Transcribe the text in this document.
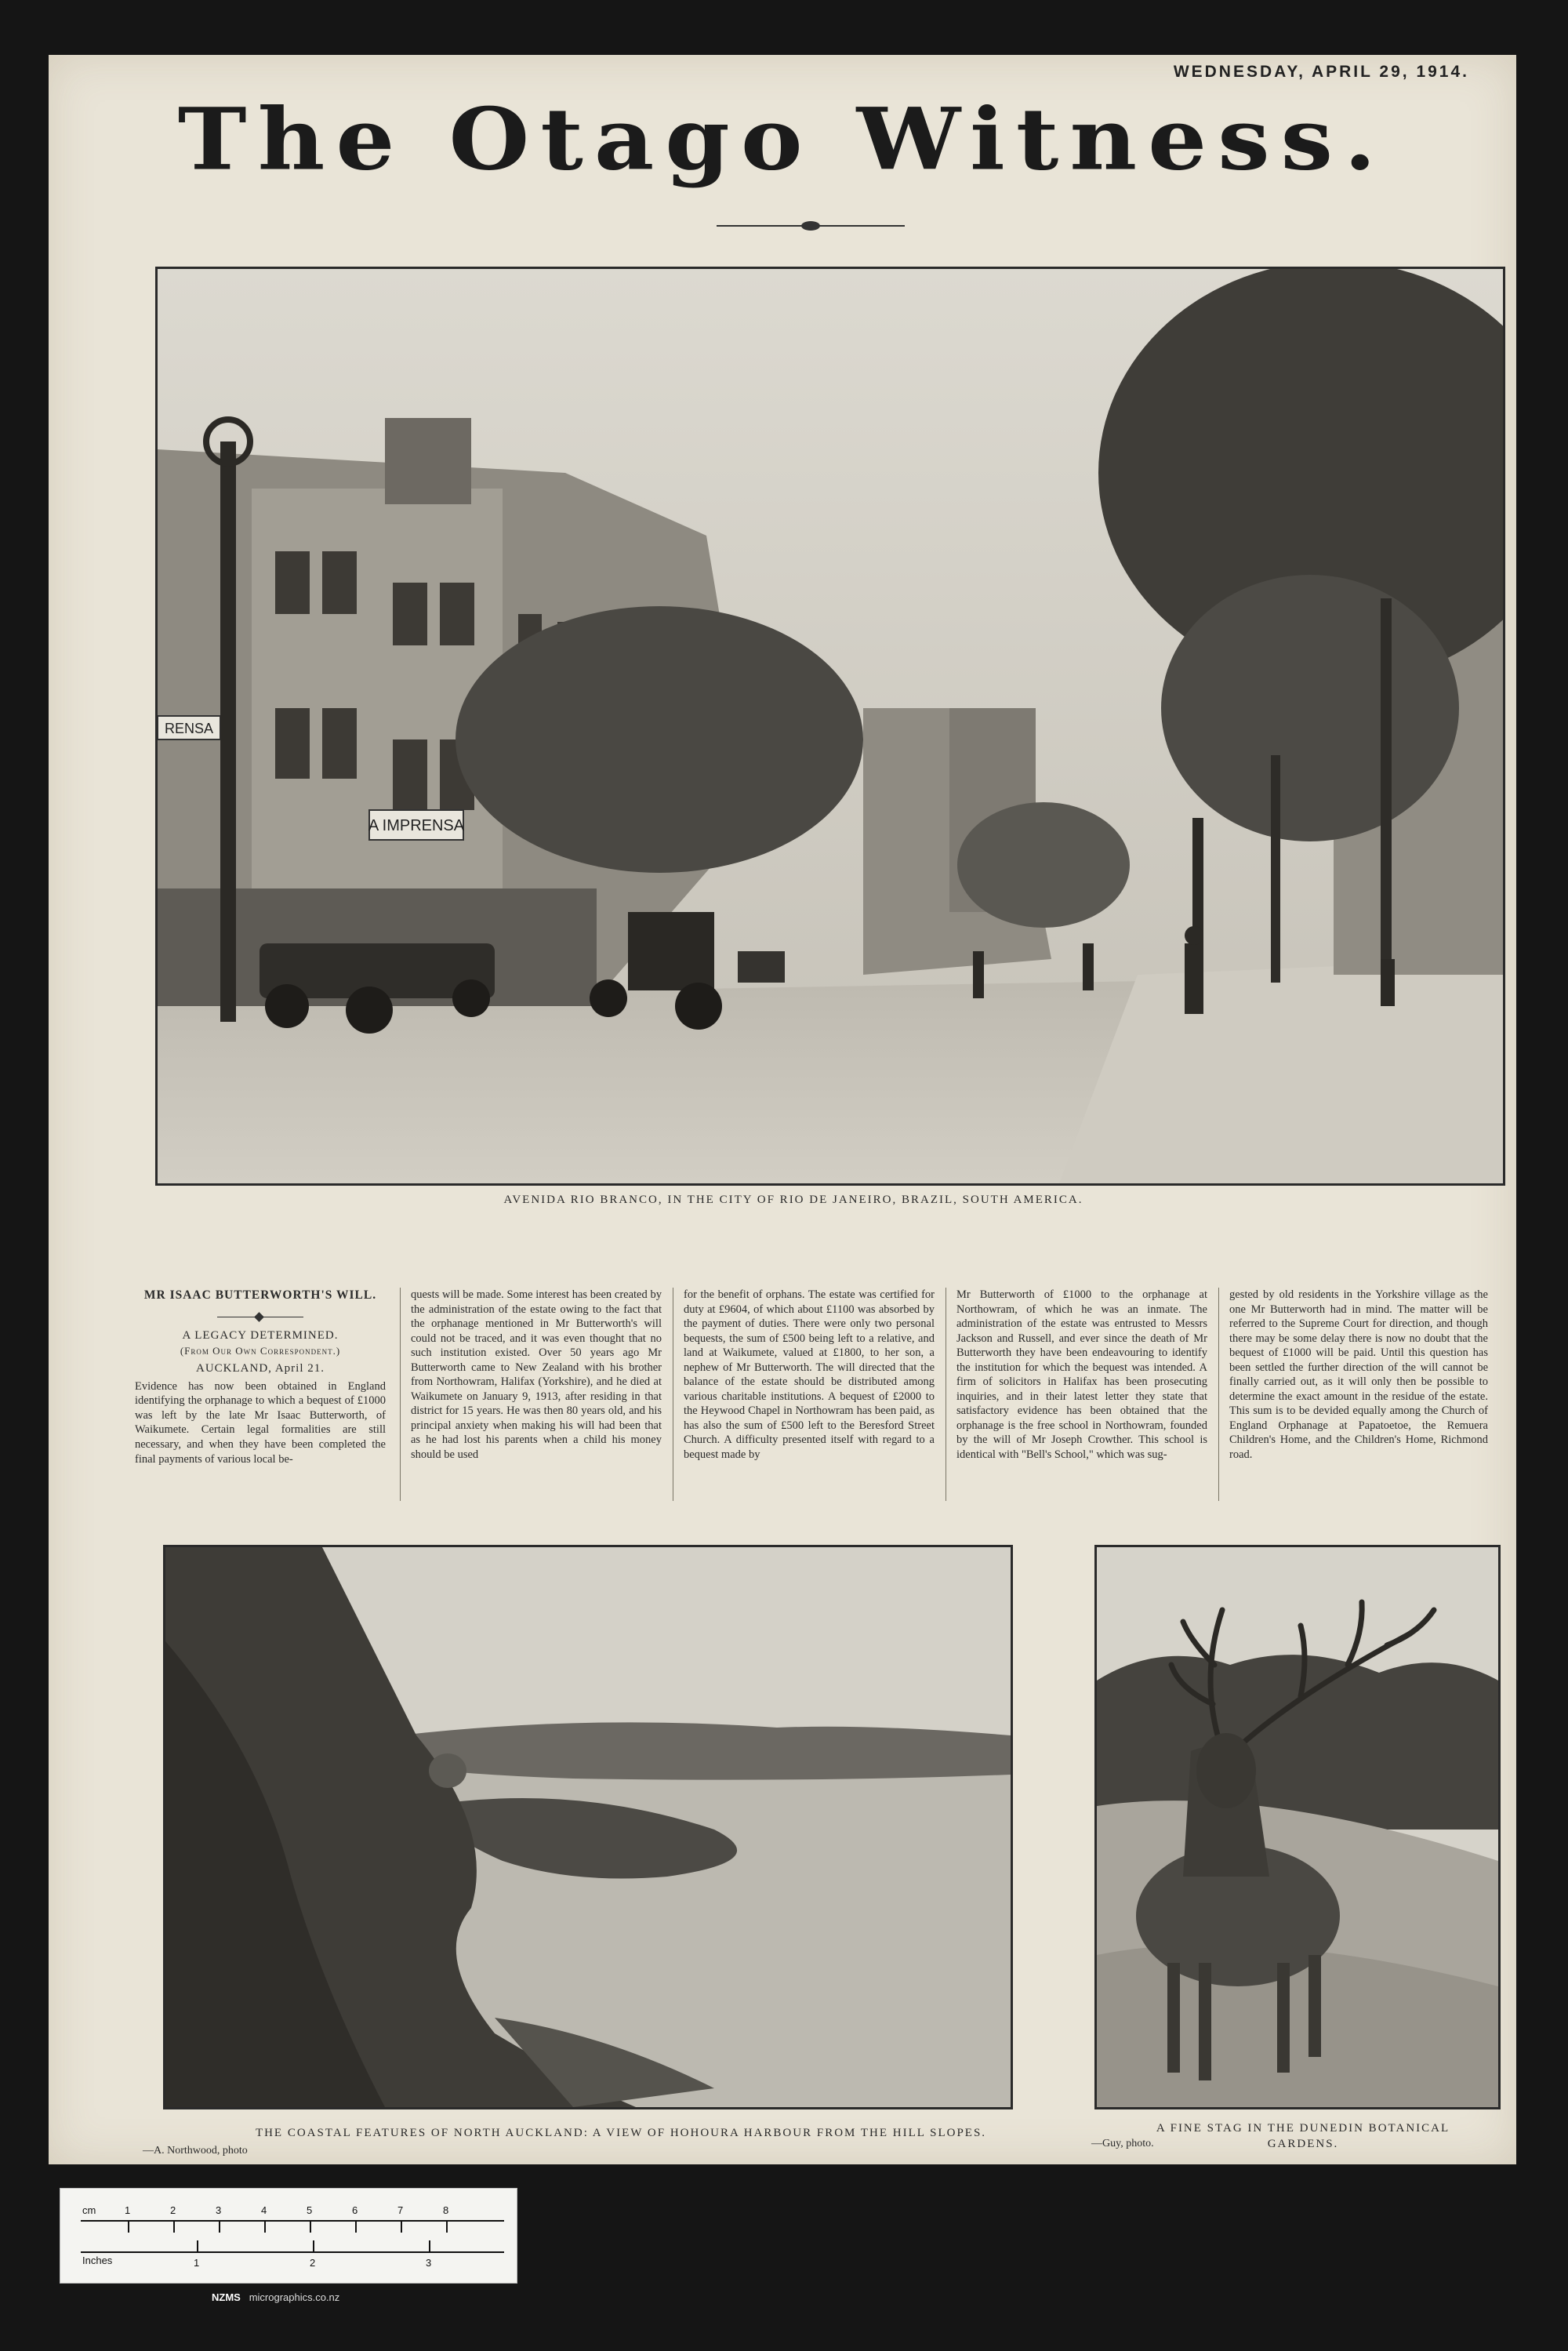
WEDNESDAY, APRIL 29, 1914.
The Otago Witness.
A IMPRENSA
RENSA
AVENIDA RIO BRANCO, IN THE CITY OF RIO DE JANEIRO, BRAZIL, SOUTH AMERICA.
MR ISAAC BUTTERWORTH'S WILL.
A LEGACY DETERMINED.
(From Our Own Correspondent.)
AUCKLAND, April 21.

Evidence has now been obtained in England identifying the orphanage to which a bequest of £1000 was left by the late Mr Isaac Butterworth, of Waikumete. Certain legal formalities are still necessary, and when they have been completed the final payments of various local be-

quests will be made. Some interest has been created by the administration of the estate owing to the fact that the orphanage mentioned in Mr Butterworth's will could not be traced, and it was even thought that no such institution existed. Over 50 years ago Mr Butterworth came to New Zealand with his brother from Northowram, Halifax (Yorkshire), and he died at Waikumete on January 9, 1913, after residing in that district for 15 years. He was then 80 years old, and his principal anxiety when making his will had been that as he had lost his parents when a child his money should be used

for the benefit of orphans. The estate was certified for duty at £9604, of which about £1100 was absorbed by the payment of duties. There were only two personal bequests, the sum of £500 being left to a relative, and land at Waikumete, valued at £1800, to her son, a nephew of Mr Butterworth. The will directed that the balance of the estate should be distributed among various charitable institutions. A bequest of £2000 to the Heywood Chapel in Northowram has been paid, as has also the sum of £500 left to the Beresford Street Church. A difficulty presented itself with regard to a bequest made by

Mr Butterworth of £1000 to the orphanage at Northowram, of which he was an inmate. The administration of the estate was entrusted to Messrs Jackson and Russell, and ever since the death of Mr Butterworth they have been endeavouring to identify the institution for which the bequest was intended. A firm of solicitors in Halifax has been prosecuting inquiries, and in their latest letter they state that satisfactory evidence has been obtained that the orphanage is the free school in Northowram, founded by the will of Mr Joseph Crowther. This school is identical with "Bell's School," which was sug-

gested by old residents in the Yorkshire village as the one Mr Butterworth had in mind. The matter will be referred to the Supreme Court for direction, and though there may be some delay there is now no doubt that the bequest of £1000 will be paid. Until this question has been settled the further direction of the will cannot be finally carried out, as it will only then be possible to determine the exact amount in the residue of the estate. This sum is to be devided equally among the Church of England Orphanage at Papatoetoe, the Remuera Children's Home, and the Children's Home, Richmond road.

THE COASTAL FEATURES OF NORTH AUCKLAND: A VIEW OF HOHOURA HARBOUR FROM THE HILL SLOPES.
—A. Northwood, photo
A FINE STAG IN THE DUNEDIN BOTANICAL GARDENS.
—Guy, photo.
cm
Inches
1	2	3	4	5	6	7	8
1	2	3
NZMS micrographics.co.nz
